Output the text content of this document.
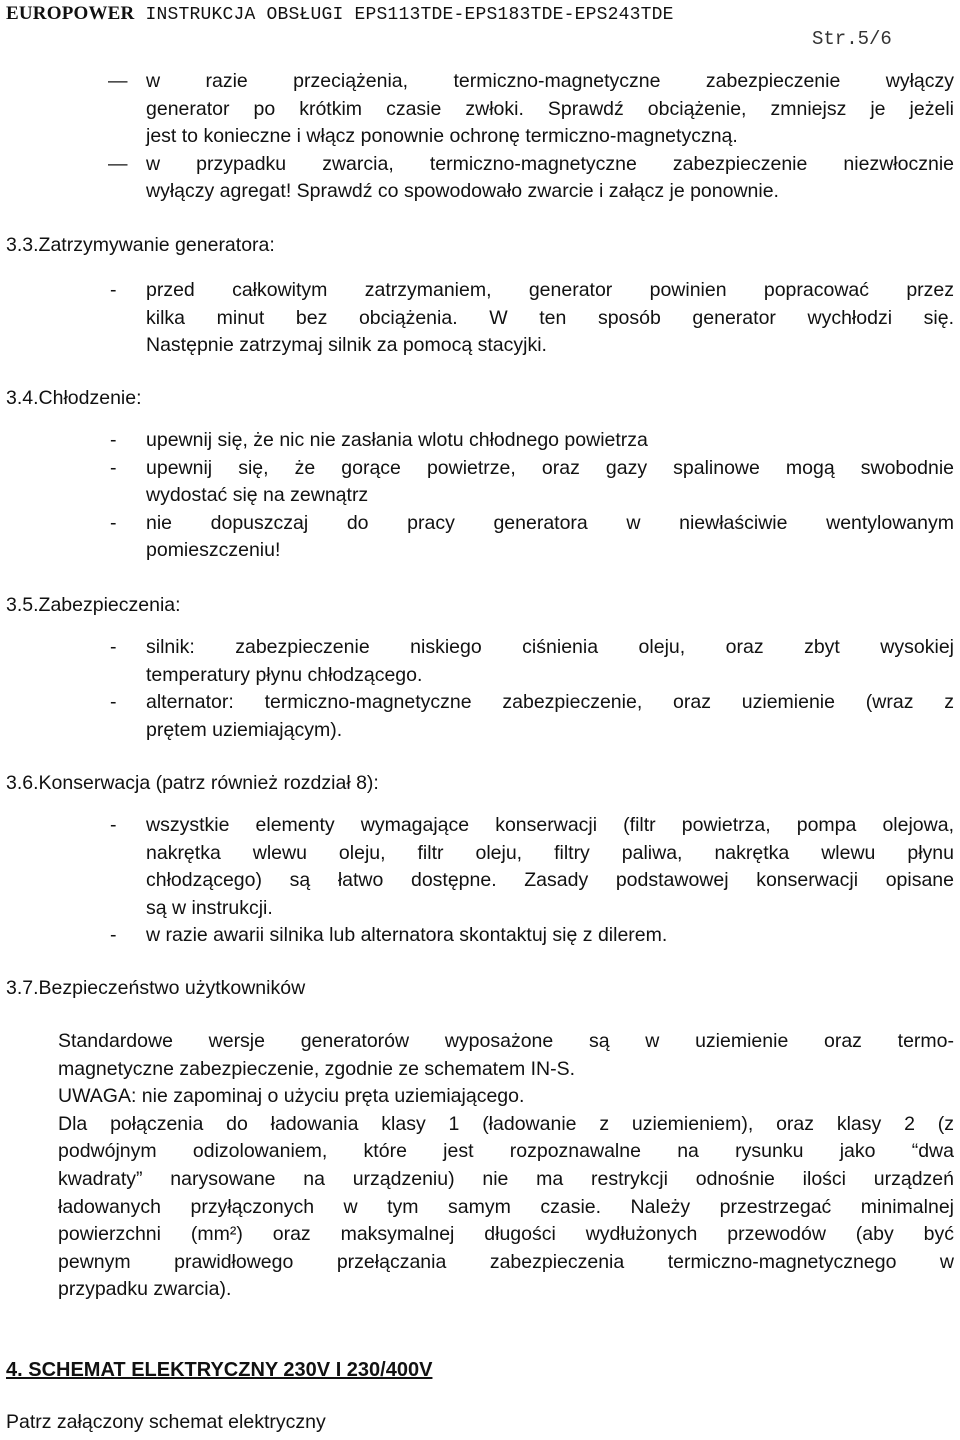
EUROPOWER INSTRUKCJA OBSŁUGI EPS113TDE-EPS183TDE-EPS243TDE
Str.5/6
— w razie przeciążenia, termiczno-magnetyczne zabezpieczenie wyłączy
generator po krótkim czasie zwłoki. Sprawdź obciążenie, zmniejsz je jeżeli
jest to konieczne i włącz ponownie ochronę termiczno-magnetyczną.
— w przypadku zwarcia, termiczno-magnetyczne zabezpieczenie niezwłocznie
wyłączy agregat! Sprawdź co spowodowało zwarcie i załącz je ponownie.
3.3.Zatrzymywanie generatora:
- przed całkowitym zatrzymaniem, generator powinien popracować przez
kilka minut bez obciążenia. W ten sposób generator wychłodzi się.
Następnie zatrzymaj silnik za pomocą stacyjki.
3.4.Chłodzenie:
- upewnij się, że nic nie zasłania wlotu chłodnego powietrza
- upewnij się, że gorące powietrze, oraz gazy spalinowe mogą swobodnie
wydostać się na zewnątrz
- nie dopuszczaj do pracy generatora w niewłaściwie wentylowanym
pomieszczeniu!
3.5.Zabezpieczenia:
- silnik: zabezpieczenie niskiego ciśnienia oleju, oraz zbyt wysokiej
temperatury płynu chłodzącego.
- alternator: termiczno-magnetyczne zabezpieczenie, oraz uziemienie (wraz z
prętem uziemiającym).
3.6.Konserwacja (patrz również rozdział 8):
- wszystkie elementy wymagające konserwacji (filtr powietrza, pompa olejowa,
nakrętka wlewu oleju, filtr oleju, filtry paliwa, nakrętka wlewu płynu
chłodzącego) są łatwo dostępne. Zasady podstawowej konserwacji opisane
są w instrukcji.
- w razie awarii silnika lub alternatora skontaktuj się z dilerem.
3.7.Bezpieczeństwo użytkowników
Standardowe wersje generatorów wyposażone są w uziemienie oraz termo-
magnetyczne zabezpieczenie, zgodnie ze schematem IN-S.
UWAGA: nie zapominaj o użyciu pręta uziemiającego.
Dla połączenia do ładowania klasy 1 (ładowanie z uziemieniem), oraz klasy 2 (z
podwójnym odizolowaniem, które jest rozpoznawalne na rysunku jako “dwa
kwadraty” narysowane na urządzeniu) nie ma restrykcji odnośnie ilości urządzeń
ładowanych przyłączonych w tym samym czasie. Należy przestrzegać minimalnej
powierzchni (mm²) oraz maksymalnej długości wydłużonych przewodów (aby być
pewnym prawidłowego przełączania zabezpieczenia termiczno-magnetycznego w
przypadku zwarcia).
4. SCHEMAT ELEKTRYCZNY 230V I 230/400V
Patrz załączony schemat elektryczny
